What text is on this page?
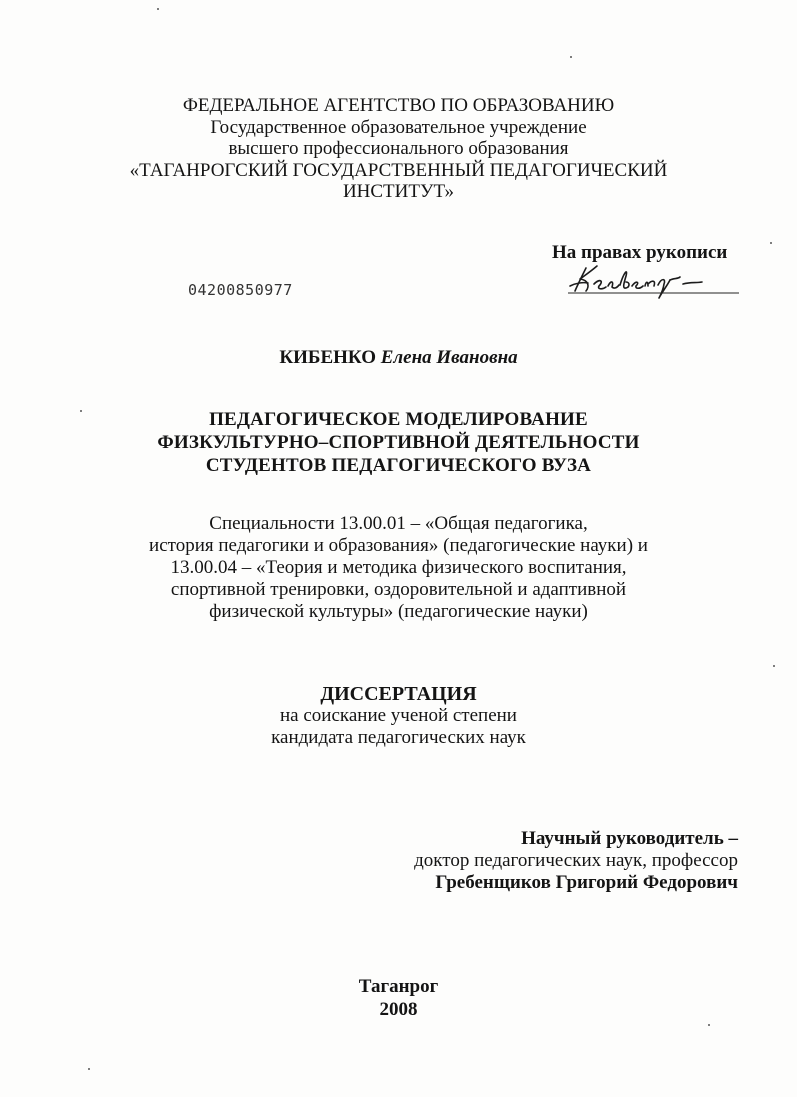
ФЕДЕРАЛЬНОЕ АГЕНТСТВО ПО ОБРАЗОВАНИЮ
Государственное образовательное учреждение
высшего профессионального образования
«ТАГАНРОГСКИЙ ГОСУДАРСТВЕННЫЙ ПЕДАГОГИЧЕСКИЙ
ИНСТИТУТ»
На правах рукописи
04200850977
КИБЕНКО Елена Ивановна
ПЕДАГОГИЧЕСКОЕ МОДЕЛИРОВАНИЕ
ФИЗКУЛЬТУРНО–СПОРТИВНОЙ ДЕЯТЕЛЬНОСТИ
СТУДЕНТОВ ПЕДАГОГИЧЕСКОГО ВУЗА
Специальности 13.00.01 – «Общая педагогика,
история педагогики и образования» (педагогические науки) и
13.00.04 – «Теория и методика физического воспитания,
спортивной тренировки, оздоровительной и адаптивной
физической культуры» (педагогические науки)
ДИССЕРТАЦИЯ
на соискание ученой степени
кандидата педагогических наук
Научный руководитель –
доктор педагогических наук, профессор
Гребенщиков Григорий Федорович
Таганрог
2008
